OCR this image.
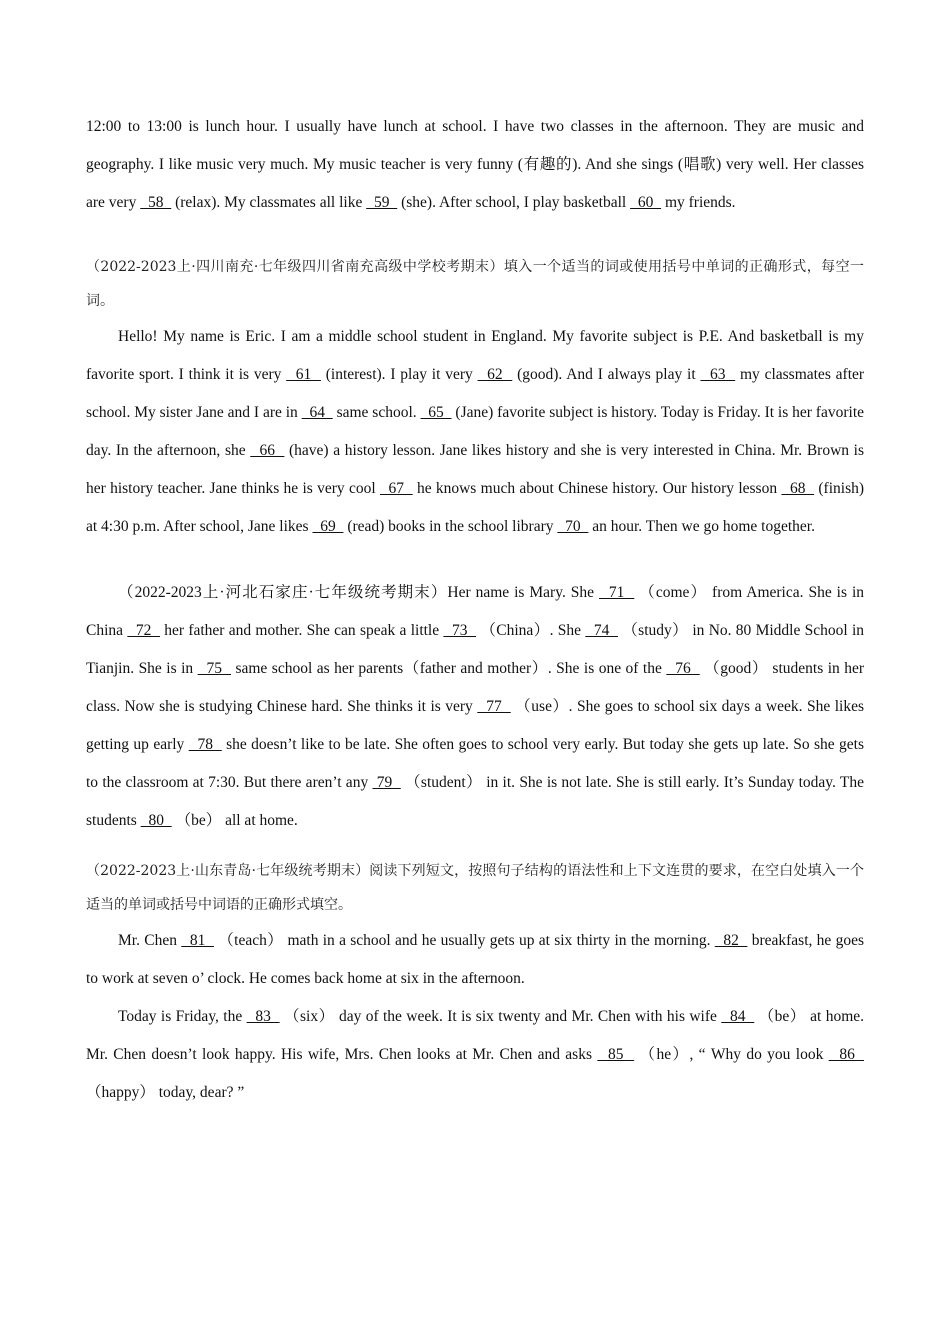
12:00 to 13:00 is lunch hour. I usually have lunch at school. I have two classes in the afternoon. They are music and geography. I like music very much. My music teacher is very funny (有趣的). And she sings (唱歌) very well. Her classes are very   58   (relax). My classmates all like   59   (she). After school, I play basketball   60   my friends.

（2022-2023上·四川南充·七年级四川省南充高级中学校考期末）填入一个适当的词或使用括号中单词的正确形式，每空一词。

Hello! My name is Eric. I am a middle school student in England. My favorite subject is P.E. And basketball is my favorite sport. I think it is very   61   (interest). I play it very   62   (good). And I always play it   63   my classmates after school. My sister Jane and I are in   64   same school.   65   (Jane) favorite subject is history. Today is Friday. It is her favorite day. In the afternoon, she   66   (have) a history lesson. Jane likes history and she is very interested in China. Mr. Brown is her history teacher. Jane thinks he is very cool   67   he knows much about Chinese history. Our history lesson   68   (finish) at 4:30 p.m. After school, Jane likes   69   (read) books in the school library   70   an hour. Then we go home together.

（2022-2023上·河北石家庄·七年级统考期末）Her name is Mary. She   71   （come） from America. She is in China   72   her father and mother. She can speak a little   73   （China）. She   74   （study） in No. 80 Middle School in Tianjin. She is in   75   same school as her parents（father and mother）. She is one of the   76   （good） students in her class. Now she is studying Chinese hard. She thinks it is very   77   （use）. She goes to school six days a week. She likes getting up early   78   she doesn’t like to be late. She often goes to school very early. But today she gets up late. So she gets to the classroom at 7:30. But there aren’t any  79   （student） in it. She is not late. She is still early. It’s Sunday today. The students   80   （be） all at home.

（2022-2023上·山东青岛·七年级统考期末）阅读下列短文，按照句子结构的语法性和上下文连贯的要求，在空白处填入一个适当的单词或括号中词语的正确形式填空。

Mr. Chen   81   （teach） math in a school and he usually gets up at six thirty in the morning.   82   breakfast, he goes to work at seven o’ clock. He comes back home at six in the afternoon.

Today is Friday, the   83   （six） day of the week. It is six twenty and Mr. Chen with his wife   84   （be） at home. Mr. Chen doesn’t look happy. His wife, Mrs. Chen looks at Mr. Chen and asks   85   （he）, “ Why do you look   86   （happy） today, dear? ”
